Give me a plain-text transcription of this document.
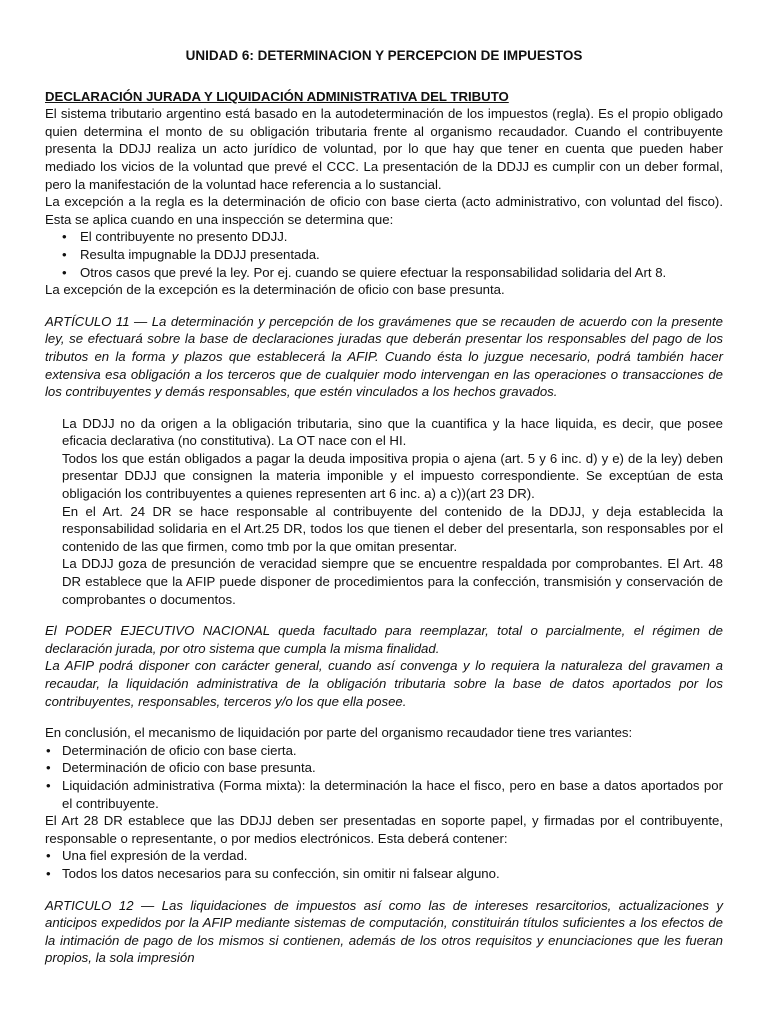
UNIDAD 6: DETERMINACION Y PERCEPCION DE IMPUESTOS
DECLARACIÓN JURADA Y LIQUIDACIÓN ADMINISTRATIVA DEL TRIBUTO

El sistema tributario argentino está basado en la autodeterminación de los impuestos (regla). Es el propio obligado quien determina el monto de su obligación tributaria frente al organismo recaudador. Cuando el contribuyente presenta la DDJJ realiza un acto jurídico de voluntad, por lo que hay que tener en cuenta que pueden haber mediado los vicios de la voluntad que prevé el CCC. La presentación de la DDJJ es cumplir con un deber formal, pero la manifestación de la voluntad hace referencia a lo sustancial.

La excepción a la regla es la determinación de oficio con base cierta (acto administrativo, con voluntad del fisco). Esta se aplica cuando en una inspección se determina que:

• El contribuyente no presento DDJJ.
• Resulta impugnable la DDJJ presentada.
• Otros casos que prevé la ley. Por ej. cuando se quiere efectuar la responsabilidad solidaria del Art 8.

La excepción de la excepción es la determinación de oficio con base presunta.

ARTÍCULO 11 — La determinación y percepción de los gravámenes que se recauden de acuerdo con la presente ley, se efectuará sobre la base de declaraciones juradas que deberán presentar los responsables del pago de los tributos en la forma y plazos que establecerá la AFIP. Cuando ésta lo juzgue necesario, podrá también hacer extensiva esa obligación a los terceros que de cualquier modo intervengan en las operaciones o transacciones de los contribuyentes y demás responsables, que estén vinculados a los hechos gravados.

La DDJJ no da origen a la obligación tributaria, sino que la cuantifica y la hace liquida, es decir, que posee eficacia declarativa (no constitutiva). La OT nace con el HI.

Todos los que están obligados a pagar la deuda impositiva propia o ajena (art. 5 y 6 inc. d) y e) de la ley) deben presentar DDJJ que consignen la materia imponible y el impuesto correspondiente. Se exceptúan de esta obligación los contribuyentes a quienes representen art 6 inc. a) a c))(art 23 DR).

En el Art. 24 DR se hace responsable al contribuyente del contenido de la DDJJ, y deja establecida la responsabilidad solidaria en el Art.25 DR, todos los que tienen el deber del presentarla, son responsables por el contenido de las que firmen, como tmb por la que omitan presentar.

La DDJJ goza de presunción de veracidad siempre que se encuentre respaldada por comprobantes. El Art. 48 DR establece que la AFIP puede disponer de procedimientos para la confección, transmisión y conservación de comprobantes o documentos.

El PODER EJECUTIVO NACIONAL queda facultado para reemplazar, total o parcialmente, el régimen de declaración jurada, por otro sistema que cumpla la misma finalidad.

La AFIP podrá disponer con carácter general, cuando así convenga y lo requiera la naturaleza del gravamen a recaudar, la liquidación administrativa de la obligación tributaria sobre la base de datos aportados por los contribuyentes, responsables, terceros y/o los que ella posee.

En conclusión, el mecanismo de liquidación por parte del organismo recaudador tiene tres variantes:

• Determinación de oficio con base cierta.
• Determinación de oficio con base presunta.
• Liquidación administrativa (Forma mixta): la determinación la hace el fisco, pero en base a datos aportados por el contribuyente.

El Art 28 DR establece que las DDJJ deben ser presentadas en soporte papel, y firmadas por el contribuyente, responsable o representante, o por medios electrónicos. Esta deberá contener:

• Una fiel expresión de la verdad.
• Todos los datos necesarios para su confección, sin omitir ni falsear alguno.

ARTICULO 12 — Las liquidaciones de impuestos así como las de intereses resarcitorios, actualizaciones y anticipos expedidos por la AFIP mediante sistemas de computación, constituirán títulos suficientes a los efectos de la intimación de pago de los mismos si contienen, además de los otros requisitos y enunciaciones que les fueran propios, la sola impresión
